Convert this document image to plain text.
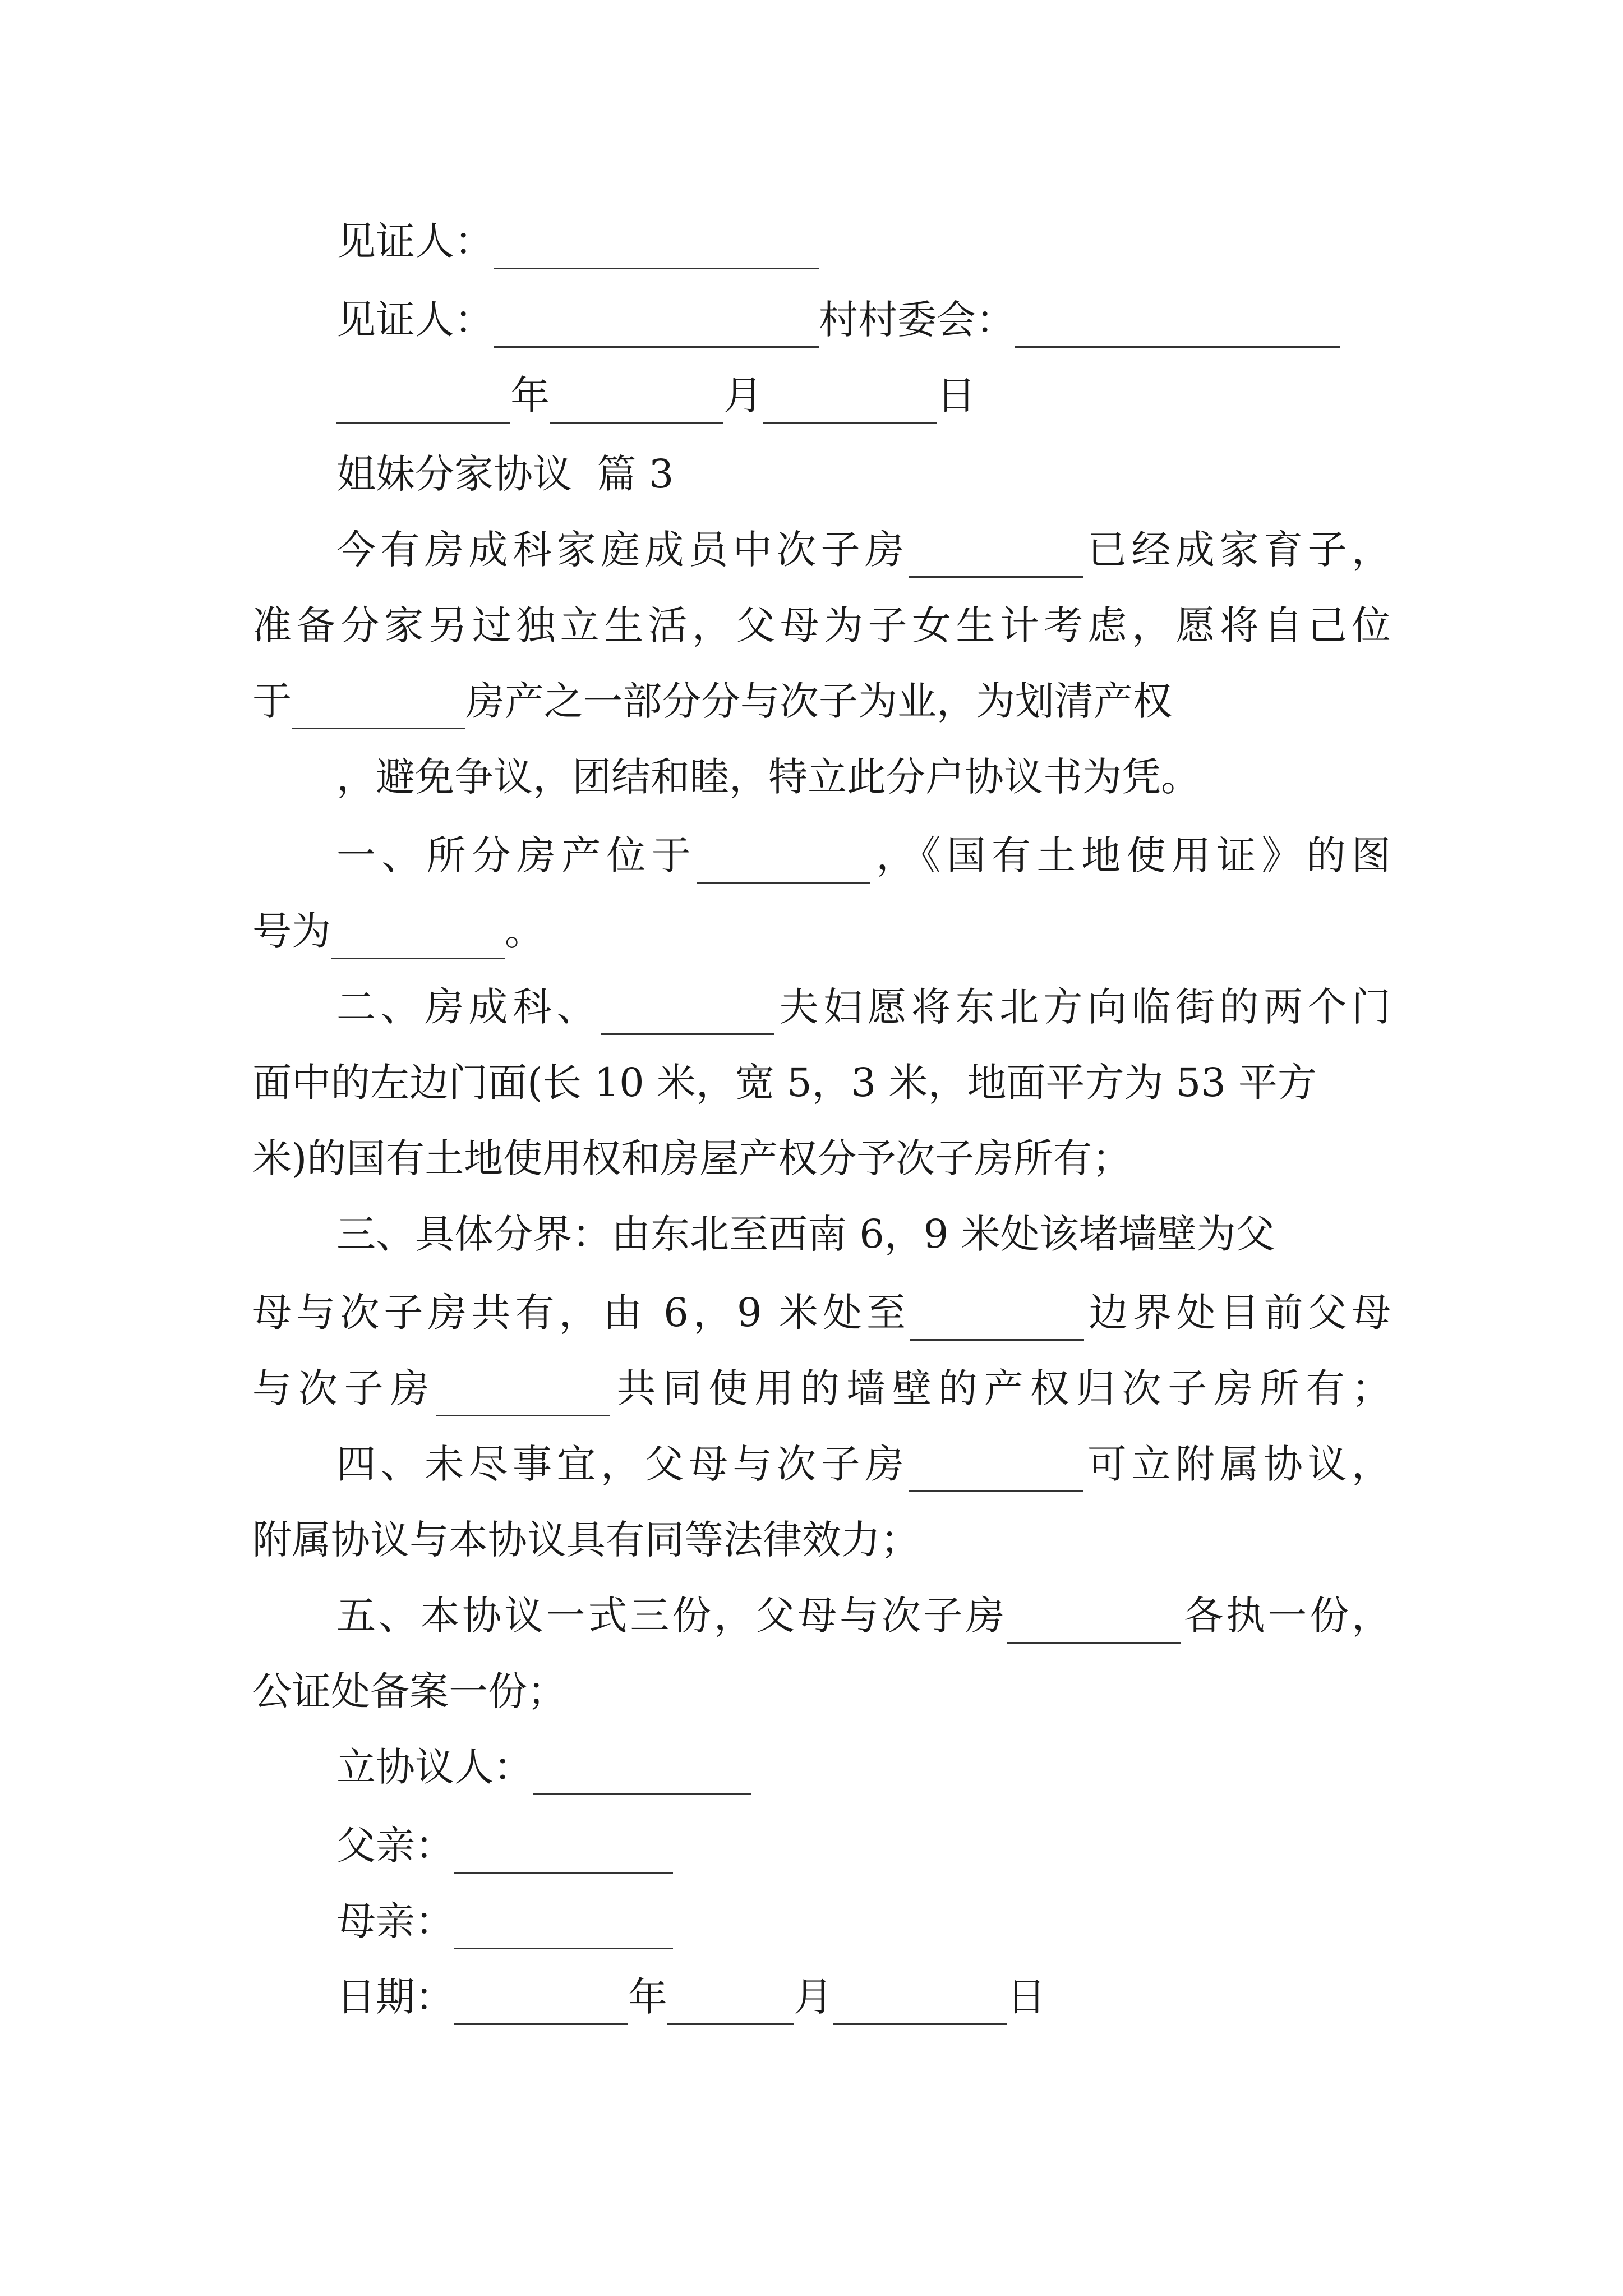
见证人：
见证人：	村村委会：
年	月	日
姐妹分家协议  篇 3
今有房成科家庭成员中次子房	已经成家育子，
准备分家另过独立生活，父母为子女生计考虑，愿将自己位
于	房产之一部分分与次子为业，为划清产权
，避免争议，团结和睦，特立此分户协议书为凭。
一、所分房产位于	，《国有土地使用证》的图
号为	。
二、房成科、	夫妇愿将东北方向临街的两个门
面中的左边门面(长 10 米，宽 5，3 米，地面平方为 53 平方
米)的国有土地使用权和房屋产权分予次子房所有；
三、具体分界：由东北至西南 6，9 米处该堵墙壁为父
母与次子房共有，由 6，9 米处至	边界处目前父母
与次子房	共同使用的墙壁的产权归次子房所有；
四、未尽事宜，父母与次子房	可立附属协议，
附属协议与本协议具有同等法律效力；
五、本协议一式三份，父母与次子房	各执一份，
公证处备案一份；
立协议人：
父亲：
母亲：
日期：	年	月	日
